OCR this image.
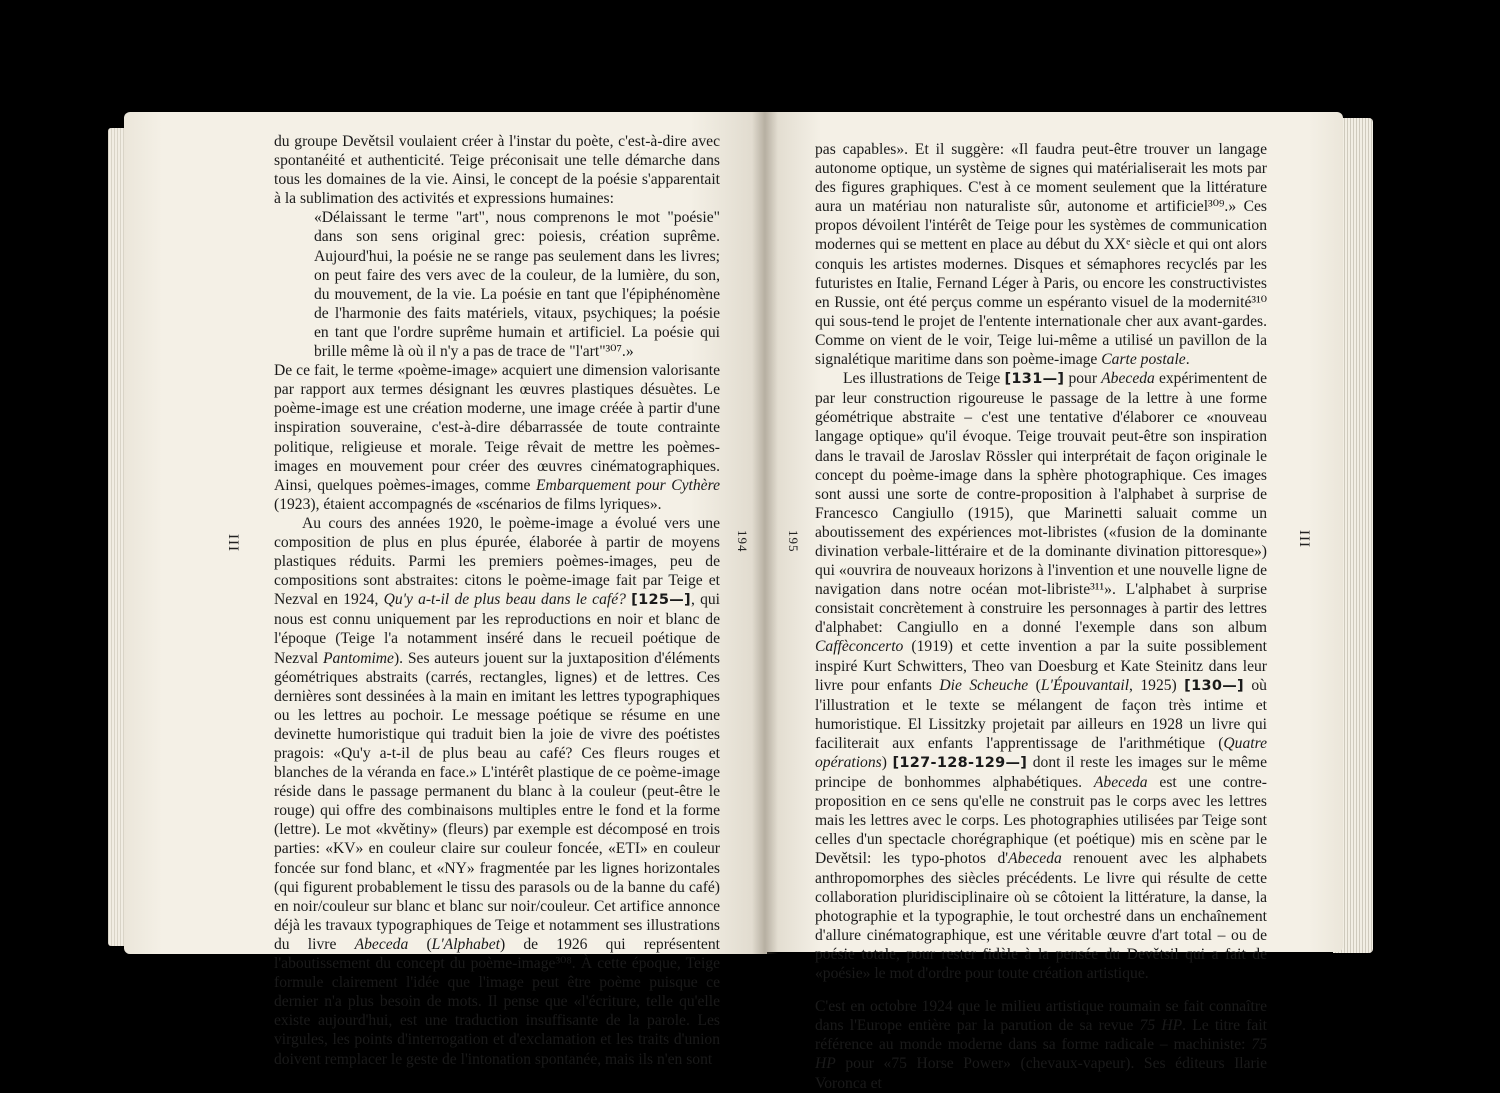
III	194

du groupe Devětsil voulaient créer à l'instar du poète, c'est-à-dire avec spontanéité et authenticité. Teige préconisait une telle démarche dans tous les domaines de la vie. Ainsi, le concept de la poésie s'apparentait à la sublimation des activités et expressions humaines:

«Délaissant le terme "art", nous comprenons le mot "poésie" dans son sens original grec: poiesis, création suprême. Aujourd'hui, la poésie ne se range pas seulement dans les livres; on peut faire des vers avec de la couleur, de la lumière, du son, du mouvement, de la vie. La poésie en tant que l'épiphénomène de l'harmonie des faits matériels, vitaux, psychiques; la poésie en tant que l'ordre suprême humain et artificiel. La poésie qui brille même là où il n'y a pas de trace de "l'art"³⁰⁷.»

De ce fait, le terme «poème-image» acquiert une dimension valorisante par rapport aux termes désignant les œuvres plastiques désuètes. Le poème-image est une création moderne, une image créée à partir d'une inspiration souveraine, c'est-à-dire débarrassée de toute contrainte politique, religieuse et morale. Teige rêvait de mettre les poèmes-images en mouvement pour créer des œuvres cinématographiques. Ainsi, quelques poèmes-images, comme Embarquement pour Cythère (1923), étaient accompagnés de «scénarios de films lyriques».

Au cours des années 1920, le poème-image a évolué vers une composition de plus en plus épurée, élaborée à partir de moyens plastiques réduits. Parmi les premiers poèmes-images, peu de compositions sont abstraites: citons le poème-image fait par Teige et Nezval en 1924, Qu'y a-t-il de plus beau dans le café? [125—], qui nous est connu uniquement par les reproductions en noir et blanc de l'époque (Teige l'a notamment inséré dans le recueil poétique de Nezval Pantomime). Ses auteurs jouent sur la juxtaposition d'éléments géométriques abstraits (carrés, rectangles, lignes) et de lettres. Ces dernières sont dessinées à la main en imitant les lettres typographiques ou les lettres au pochoir. Le message poétique se résume en une devinette humoristique qui traduit bien la joie de vivre des poétistes pragois: «Qu'y a-t-il de plus beau au café? Ces fleurs rouges et blanches de la véranda en face.» L'intérêt plastique de ce poème-image réside dans le passage permanent du blanc à la couleur (peut-être le rouge) qui offre des combinaisons multiples entre le fond et la forme (lettre). Le mot «květiny» (fleurs) par exemple est décomposé en trois parties: «KV» en couleur claire sur couleur foncée, «ETI» en couleur foncée sur fond blanc, et «NY» fragmentée par les lignes horizontales (qui figurent probablement le tissu des parasols ou de la banne du café) en noir/couleur sur blanc et blanc sur noir/couleur. Cet artifice annonce déjà les travaux typographiques de Teige et notamment ses illustrations du livre Abeceda (L'Alphabet) de 1926 qui représentent l'aboutissement du concept du poème-image³⁰⁸. À cette époque, Teige formule clairement l'idée que l'image peut être poème puisque ce dernier n'a plus besoin de mots. Il pense que «l'écriture, telle qu'elle existe aujourd'hui, est une traduction insuffisante de la parole. Les virgules, les points d'interrogation et d'exclamation et les traits d'union doivent remplacer le geste de l'intonation spontanée, mais ils n'en sont

195	III

pas capables». Et il suggère: «Il faudra peut-être trouver un langage autonome optique, un système de signes qui matérialiserait les mots par des figures graphiques. C'est à ce moment seulement que la littérature aura un matériau non naturaliste sûr, autonome et artificiel³⁰⁹.» Ces propos dévoilent l'intérêt de Teige pour les systèmes de communication modernes qui se mettent en place au début du XXᵉ siècle et qui ont alors conquis les artistes modernes. Disques et sémaphores recyclés par les futuristes en Italie, Fernand Léger à Paris, ou encore les constructivistes en Russie, ont été perçus comme un espéranto visuel de la modernité³¹⁰ qui sous-tend le projet de l'entente internationale cher aux avant-gardes. Comme on vient de le voir, Teige lui-même a utilisé un pavillon de la signalétique maritime dans son poème-image Carte postale.

Les illustrations de Teige [131—] pour Abeceda expérimentent de par leur construction rigoureuse le passage de la lettre à une forme géométrique abstraite – c'est une tentative d'élaborer ce «nouveau langage optique» qu'il évoque. Teige trouvait peut-être son inspiration dans le travail de Jaroslav Rössler qui interprétait de façon originale le concept du poème-image dans la sphère photographique. Ces images sont aussi une sorte de contre-proposition à l'alphabet à surprise de Francesco Cangiullo (1915), que Marinetti saluait comme un aboutissement des expériences mot-libristes («fusion de la dominante divination verbale-littéraire et de la dominante divination pittoresque») qui «ouvrira de nouveaux horizons à l'invention et une nouvelle ligne de navigation dans notre océan mot-libriste³¹¹». L'alphabet à surprise consistait concrètement à construire les personnages à partir des lettres d'alphabet: Cangiullo en a donné l'exemple dans son album Caffèconcerto (1919) et cette invention a par la suite possiblement inspiré Kurt Schwitters, Theo van Doesburg et Kate Steinitz dans leur livre pour enfants Die Scheuche (L'Épouvantail, 1925) [130—] où l'illustration et le texte se mélangent de façon très intime et humoristique. El Lissitzky projetait par ailleurs en 1928 un livre qui faciliterait aux enfants l'apprentissage de l'arithmétique (Quatre opérations) [127-128-129—] dont il reste les images sur le même principe de bonhommes alphabétiques. Abeceda est une contre-proposition en ce sens qu'elle ne construit pas le corps avec les lettres mais les lettres avec le corps. Les photographies utilisées par Teige sont celles d'un spectacle chorégraphique (et poétique) mis en scène par le Devětsil: les typo-photos d'Abeceda renouent avec les alphabets anthropomorphes des siècles précédents. Le livre qui résulte de cette collaboration pluridisciplinaire où se côtoient la littérature, la danse, la photographie et la typographie, le tout orchestré dans un enchaînement d'allure cinématographique, est une véritable œuvre d'art total – ou de poésie totale, pour rester fidèle à la pensée du Devětsil qui a fait de «poésie» le mot d'ordre pour toute création artistique.

C'est en octobre 1924 que le milieu artistique roumain se fait connaître dans l'Europe entière par la parution de sa revue 75 HP. Le titre fait référence au monde moderne dans sa forme radicale – machiniste: 75 HP pour «75 Horse Power» (chevaux-vapeur). Ses éditeurs Ilarie Voronca et
